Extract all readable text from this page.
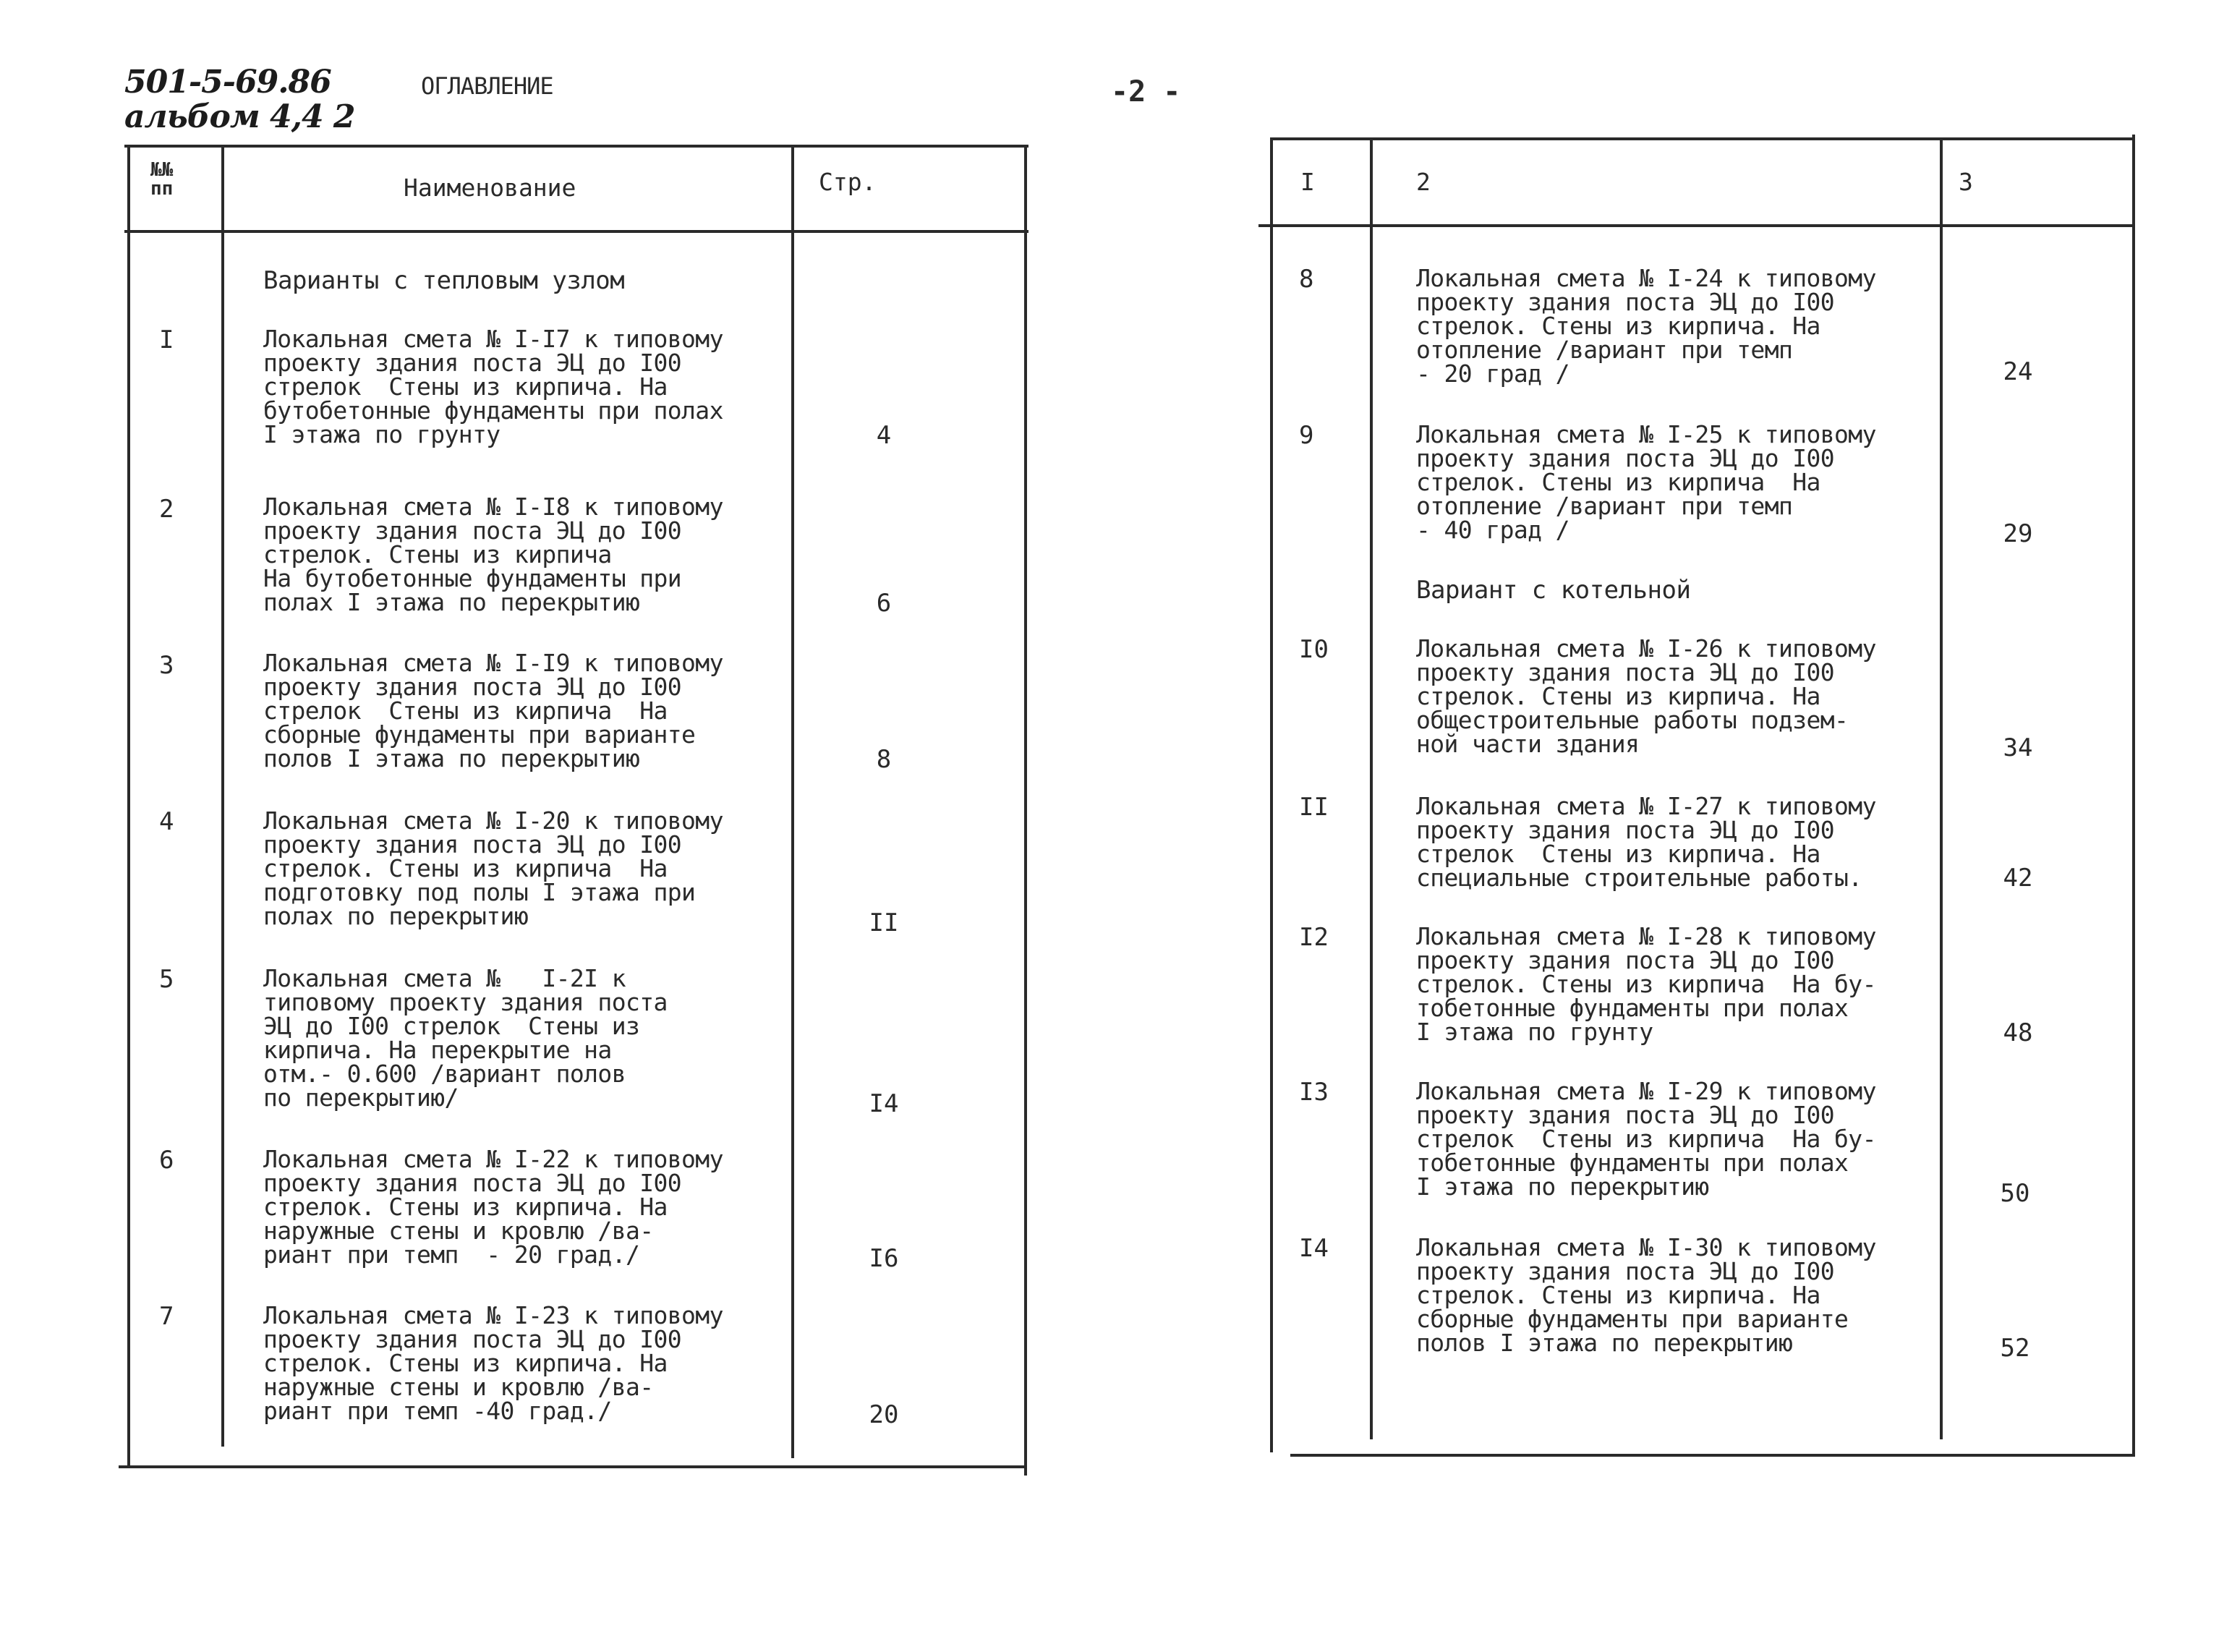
501-5-69.86
альбом 4,4 2
ОГЛАВЛЕНИЕ	-2 -
№№
пп	Наименование	Стр.
Варианты с тепловым узлом
I	Локальная смета № I-I7 к типовому
проекту здания поста ЭЦ до I00
стрелок  Стены из кирпича. На
бутобетонные фундаменты при полах
I этажа по грунту	4
2	Локальная смета № I-I8 к типовому
проекту здания поста ЭЦ до I00
стрелок. Стены из кирпича
На бутобетонные фундаменты при
полах I этажа по перекрытию	6
3	Локальная смета № I-I9 к типовому
проекту здания поста ЭЦ до I00
стрелок  Стены из кирпича  На
сборные фундаменты при варианте
полов I этажа по перекрытию	8
4	Локальная смета № I-20 к типовому
проекту здания поста ЭЦ до I00
стрелок. Стены из кирпича  На
подготовку под полы I этажа при
полах по перекрытию	II
5	Локальная смета №   I-2I к
типовому проекту здания поста
ЭЦ до I00 стрелок  Стены из
кирпича. На перекрытие на
отм.- 0.600 /вариант полов
по перекрытию/	I4
6	Локальная смета № I-22 к типовому
проекту здания поста ЭЦ до I00
стрелок. Стены из кирпича. На
наружные стены и кровлю /ва-
риант при темп  - 20 град./	I6
7	Локальная смета № I-23 к типовому
проекту здания поста ЭЦ до I00
стрелок. Стены из кирпича. На
наружные стены и кровлю /ва-
риант при темп -40 град./	20
I	2	3
8	Локальная смета № I-24 к типовому
проекту здания поста ЭЦ до I00
стрелок. Стены из кирпича. На
отопление /вариант при темп
- 20 град /	24
9	Локальная смета № I-25 к типовому
проекту здания поста ЭЦ до I00
стрелок. Стены из кирпича  На
отопление /вариант при темп
- 40 град /	29
Вариант с котельной
I0	Локальная смета № I-26 к типовому
проекту здания поста ЭЦ до I00
стрелок. Стены из кирпича. На
общестроительные работы подзем-
ной части здания	34
II	Локальная смета № I-27 к типовому
проекту здания поста ЭЦ до I00
стрелок  Стены из кирпича. На
специальные строительные работы.	42
I2	Локальная смета № I-28 к типовому
проекту здания поста ЭЦ до I00
стрелок. Стены из кирпича  На бу-
тобетонные фундаменты при полах
I этажа по грунту	48
I3	Локальная смета № I-29 к типовому
проекту здания поста ЭЦ до I00
стрелок  Стены из кирпича  На бу-
тобетонные фундаменты при полах
I этажа по перекрытию	50
I4	Локальная смета № I-30 к типовому
проекту здания поста ЭЦ до I00
стрелок. Стены из кирпича. На
сборные фундаменты при варианте
полов I этажа по перекрытию	52
